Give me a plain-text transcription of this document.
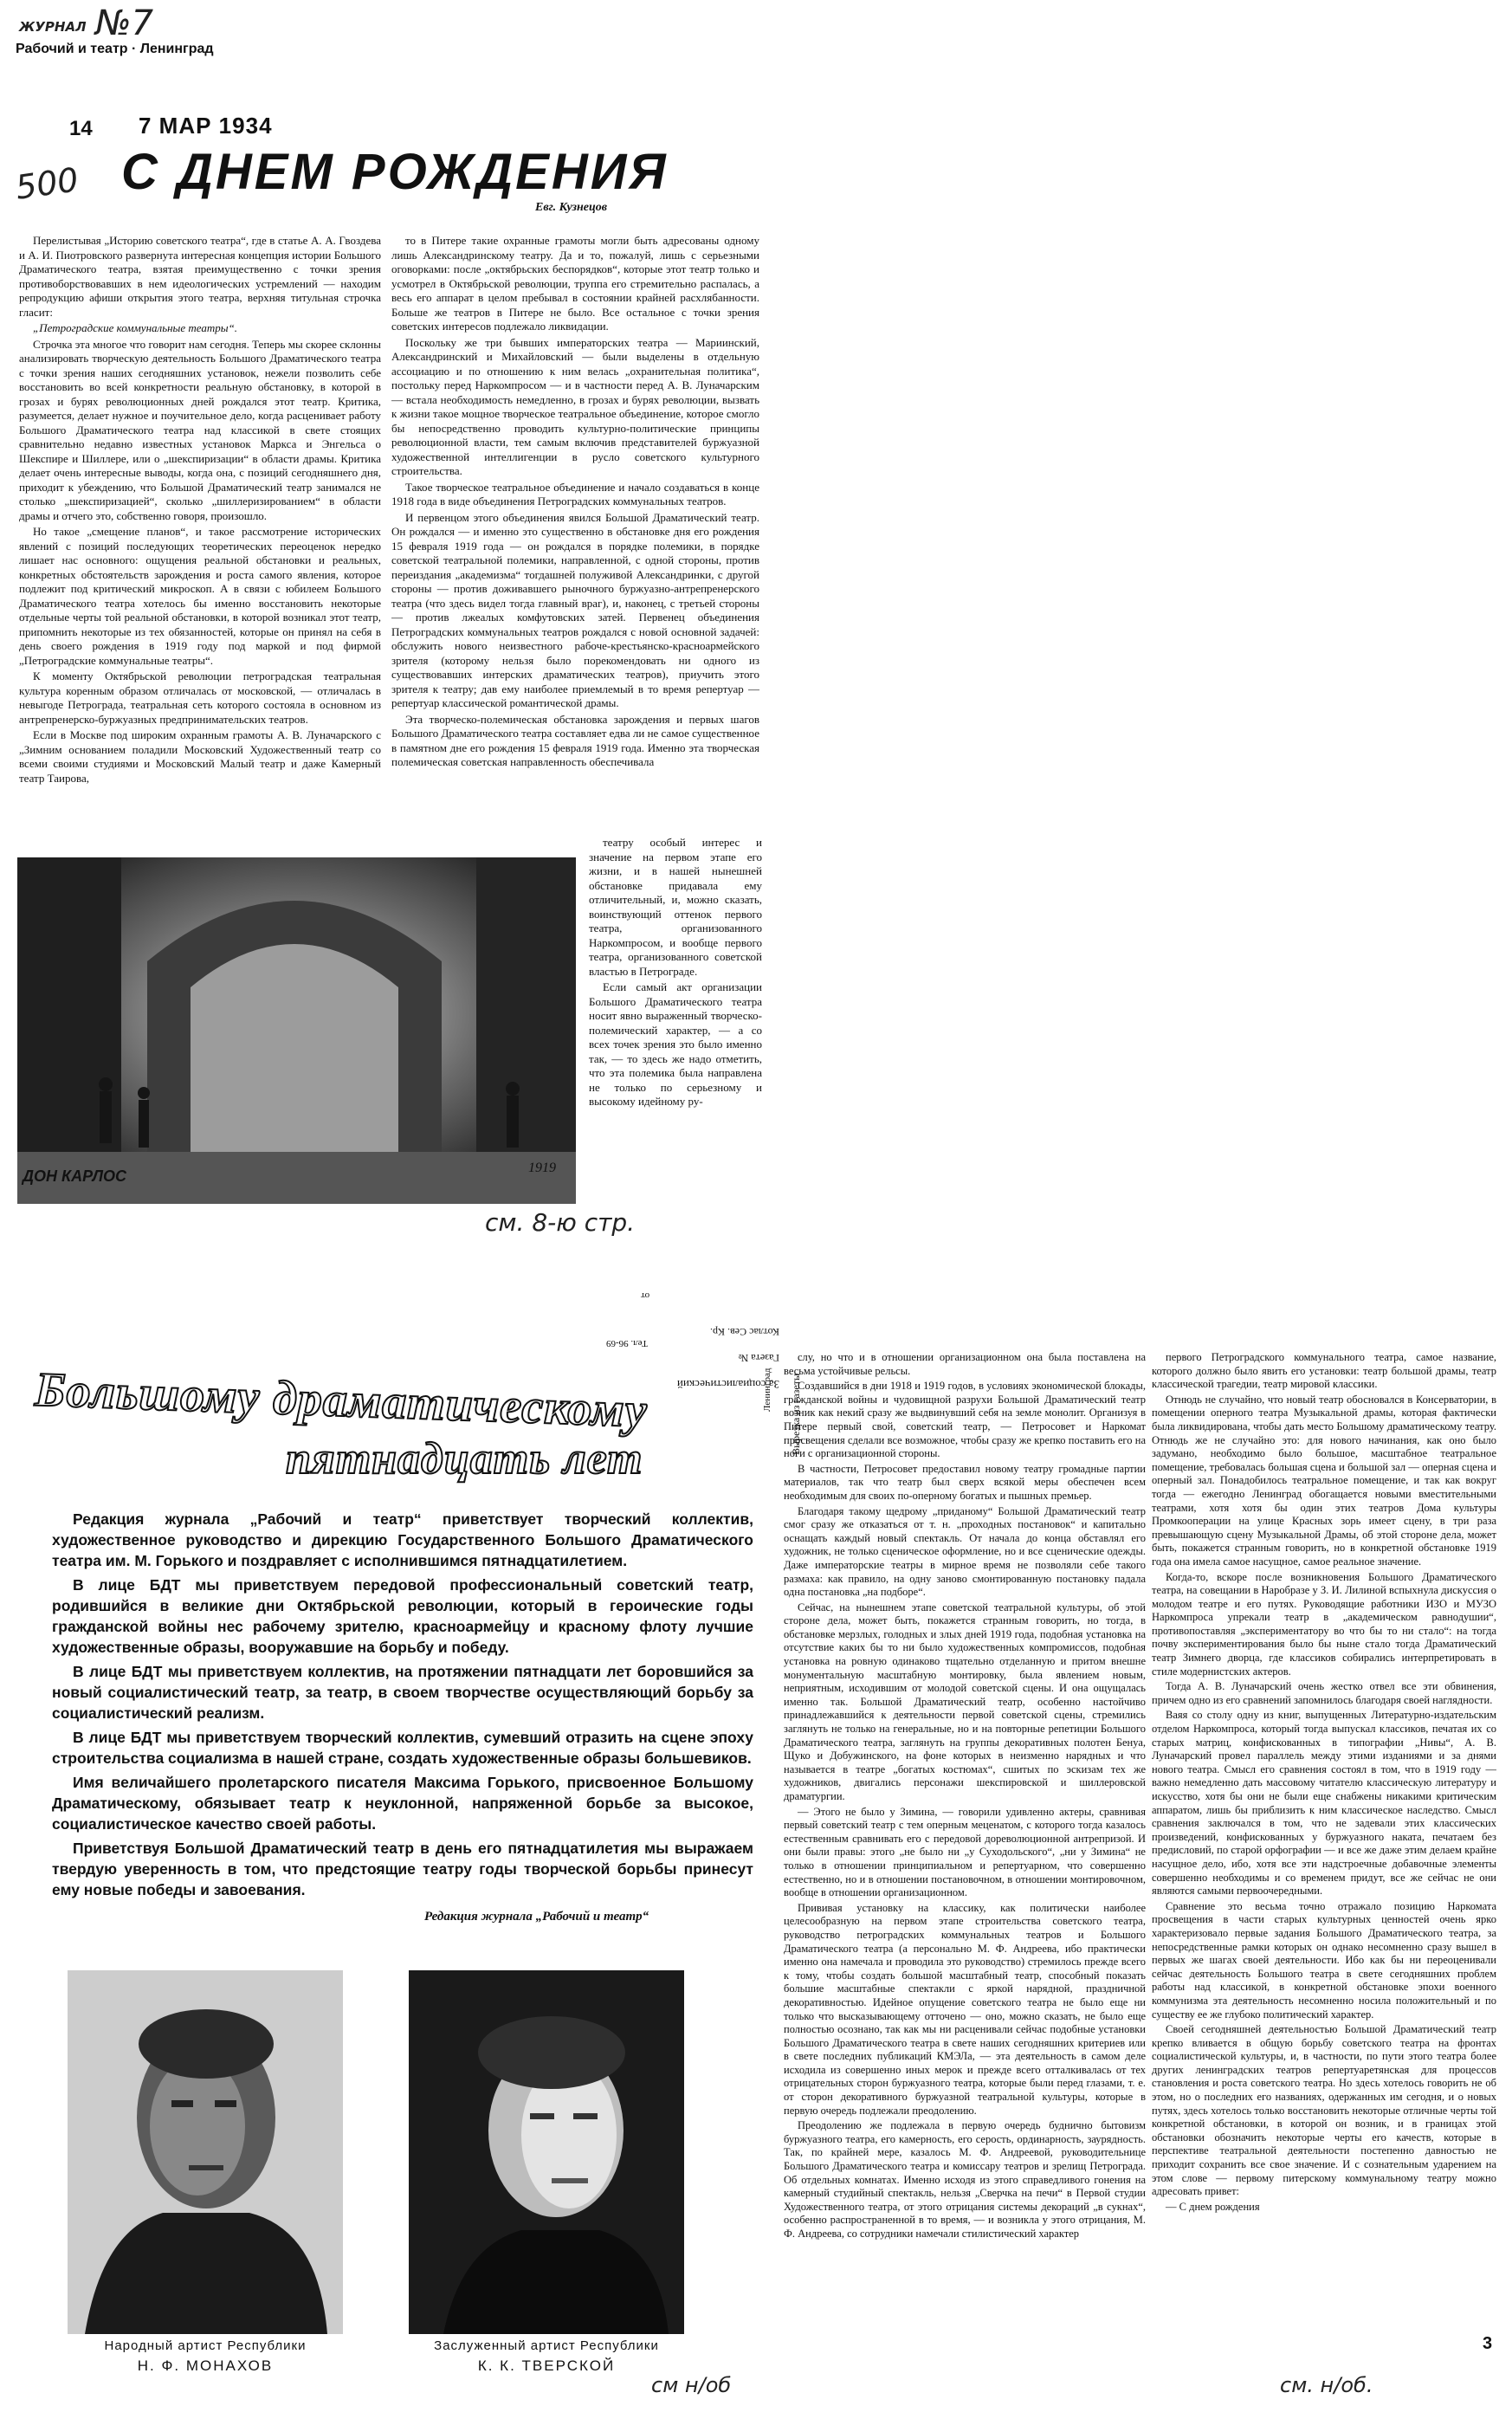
ЖУРНАЛ №7
Рабочий и театр · Ленинград
14 7 МАР 1934
500 С ДНЕМ РОЖДЕНИЯ
Евг. Кузнецов

Перелистывая „Историю советского театра“, где в статье А. А. Гвоздева и А. И. Пиотровского развернута интересная концепция истории Большого Драматического театра, взятая преимущественно с точки зрения противоборствовавших в нем идеологических устремлений — находим репродукцию афиши открытия этого театра, верхняя титульная строчка гласит:

„Петроградские коммунальные театры“.

Строчка эта многое что говорит нам сегодня. Теперь мы скорее склонны анализировать творческую деятельность Большого Драматического театра с точки зрения наших сегодняшних установок, нежели позволить себе восстановить во всей конкретности реальную обстановку, в которой в грозах и бурях революционных дней рождался этот театр. Критика, разумеется, делает нужное и поучительное дело, когда расценивает работу Большого Драматического театра над классикой в свете стоящих сравнительно недавно известных установок Маркса и Энгельса о Шекспире и Шиллере, или о „шекспиризации“ в области драмы. Критика делает очень интересные выводы, когда она, с позиций сегодняшнего дня, приходит к убеждению, что Большой Драматический театр занимался не столько „шекспиризацией“, сколько „шиллеризированием“ в области драмы и отчего это, собственно говоря, произошло.

Но такое „смещение планов“, и такое рассмотрение исторических явлений с позиций последующих теоретических переоценок нередко лишает нас основного: ощущения реальной обстановки и реальных, конкретных обстоятельств зарождения и роста самого явления, которое подлежит под критический микроскоп. А в связи с юбилеем Большого Драматического театра хотелось бы именно восстановить некоторые отдельные черты той реальной обстановки, в которой возникал этот театр, припомнить некоторые из тех обязанностей, которые он принял на себя в день своего рождения в 1919 году под маркой и под фирмой „Петроградские коммунальные театры“.

К моменту Октябрьской революции петроградская театральная культура коренным образом отличалась от московской, — отличалась в невыгоде Петрограда, театральная сеть которого состояла в основном из антрепренерско-буржуазных предпринимательских театров.

Если в Москве под широким охранным грамоты А. В. Луначарского с „Зимним основанием поладили Московский Художественный театр со всеми своими студиями и Московский Малый театр и даже Камерный театр Таирова,

то в Питере такие охранные грамоты могли быть адресованы одному лишь Александринскому театру. Да и то, пожалуй, лишь с серьезными оговорками: после „октябрьских беспорядков“, которые этот театр только и усмотрел в Октябрьской революции, труппа его стремительно распалась, а весь его аппарат в целом пребывал в состоянии крайней расхлябанности. Больше же театров в Питере не было. Все остальное с точки зрения советских интересов подлежало ликвидации.

Поскольку же три бывших императорских театра — Мариинский, Александринский и Михайловский — были выделены в отдельную ассоциацию и по отношению к ним велась „охранительная политика“, постольку перед Наркомпросом — и в частности перед А. В. Луначарским — встала необходимость немедленно, в грозах и бурях революции, вызвать к жизни такое мощное творческое театральное объединение, которое смогло бы непосредственно проводить культурно-политические принципы революционной власти, тем самым включив представителей буржуазной художественной интеллигенции в русло советского культурного строительства.

Такое творческое театральное объединение и начало создаваться в конце 1918 года в виде объединения Петроградских коммунальных театров.

И первенцом этого объединения явился Большой Драматический театр. Он рождался — и именно это существенно в обстановке дня его рождения 15 февраля 1919 года — он рождался в порядке полемики, в порядке советской театральной полемики, направленной, с одной стороны, против переиздания „академизма“ тогдашней полуживой Александринки, с другой стороны — против доживавшего рыночного буржуазно-антрепренерского театра (что здесь видел тогда главный враг), и, наконец, с третьей стороны — против лжеалых комфутовских затей. Первенец объединения Петроградских коммунальных театров рождался с новой основной задачей: обслужить нового неизвестного рабоче-крестьянско-красноармейского зрителя (которому нельзя было порекомендовать ни одного из существовавших интерских драматических театров), приучить этого зрителя к театру; дав ему наиболее приемлемый в то время репертуар — репертуар классической романтической драмы.

Эта творческо-полемическая обстановка зарождения и первых шагов Большого Драматического театра составляет едва ли не самое существенное в памятном дне его рождения 15 февраля 1919 года. Именно эта творческая полемическая советская направленность обеспечивала

ДОН КАРЛОС	1919

театру особый интерес и значение на первом этапе его жизни, и в нашей нынешней обстановке придавала ему отличительный, и, можно сказать, воинствующий оттенок первого театра, организованного Наркомпросом, и вообще первого театра, организованного советской властью в Петрограде.

Если самый акт организации Большого Драматического театра носит явно выраженный творческо-полемический характер, — а со всех точек зрения это было именно так, — то здесь же надо отметить, что эта полемика была направлена не только по серьезному и высокому идейному ру-

см. 8-ю стр.
За социалистический
Газета №
Котлас Сев. Кр.
от
Вырезка из газеты
Ленинград
Тел. 96-69
Большому драматическому
пятнадцать лет

Редакция журнала „Рабочий и театр“ приветствует творческий коллектив, художественное руководство и дирекцию Государственного Большого Драматического театра им. М. Горького и поздравляет с исполнившимся пятнадцатилетием.

В лице БДТ мы приветствуем передовой профессиональный советский театр, родившийся в великие дни Октябрьской революции, который в героические годы гражданской войны нес рабочему зрителю, красноармейцу и красному флоту лучшие художественные образы, вооружавшие на борьбу и победу.

В лице БДТ мы приветствуем коллектив, на протяжении пятнадцати лет боровшийся за новый социалистический театр, за театр, в своем творчестве осуществляющий борьбу за социалистический реализм.

В лице БДТ мы приветствуем творческий коллектив, сумевший отразить на сцене эпоху строительства социализма в нашей стране, создать художественные образы большевиков.

Имя величайшего пролетарского писателя Максима Горького, присвоенное Большому Драматическому, обязывает театр к неуклонной, напряженной борьбе за высокое, социалистическое качество своей работы.

Приветствуя Большой Драматический театр в день его пятнадцатилетия мы выражаем твердую уверенность в том, что предстоящие театру годы творческой борьбы принесут ему новые победы и завоевания.

Редакция журнала „Рабочий и театр“
Народный артист Республики
Н. Ф. МОНАХОВ
Заслуженный артист Республики
К. К. ТВЕРСКОЙ

слу, но что и в отношении организационном она была поставлена на весьма устойчивые рельсы.

Создавшийся в дни 1918 и 1919 годов, в условиях экономической блокады, гражданской войны и чудовищной разрухи Большой Драматический театр возник как некий сразу же выдвинувший себя на земле монолит. Организуя в Питере первый свой, советский театр, — Петросовет и Наркомат просвещения сделали все возможное, чтобы сразу же крепко поставить его на ноги с организационной стороны.

В частности, Петросовет предоставил новому театру громадные партии материалов, так что театр был сверх всякой меры обеспечен всем необходимым для своих по-оперному богатых и пышных премьер.

Благодаря такому щедрому „приданому“ Большой Драматический театр смог сразу же отказаться от т. н. „проходных постановок“ и капитально оснащать каждый новый спектакль. От начала до конца обставлял его художник, не только сценическое оформление, но и все сценические одежды. Даже императорские театры в мирное время не позволяли себе такого размаха: как правило, на одну заново смонтированную постановку падала одна постановка „на подборе“.

Сейчас, на нынешнем этапе советской театральной культуры, об этой стороне дела, может быть, покажется странным говорить, но тогда, в обстановке мерзлых, голодных и злых дней 1919 года, подобная установка на отсутствие каких бы то ни было художественных компромиссов, подобная установка на ровную одинаково тщательно отделанную и притом внешне монументальную масштабную монтировку, была явлением новым, неприятным, исходившим от молодой советской сцены. И она ощущалась именно так. Большой Драматический театр, особенно настойчиво принадлежавшийся к деятельности первой советской сцены, стремились заглянуть не только на генеральные, но и на повторные репетиции Большого Драматического театра, заглянуть на группы декоративных полотен Бенуа, Щуко и Добужинского, на фоне которых в неизменно нарядных и что называется в театре „богатых костюмах“, сшитых по эскизам тех же художников, двигались персонажи шекспировской и шиллеровской драматургии.

— Этого не было у Зимина, — говорили удивленно актеры, сравнивая первый советский театр с тем оперным меценатом, с которого тогда казалось естественным сравнивать его с передовой дореволюционной антрепризой. И они были правы: этого „не было ни „у Суходольского“, „ни у Зимина“ не только в отношении принципиальном и репертуарном, что совершенно естественно, но и в отношении постановочном, в отношении монтировочном, вообще в отношении организационном.

Прививая установку на классику, как политически наиболее целесообразную на первом этапе строительства советского театра, руководство петроградских коммунальных театров и Большого Драматического театра (а персонально М. Ф. Андреева, ибо практически именно она намечала и проводила это руководство) стремилось прежде всего к тому, чтобы создать большой масштабный театр, способный показать большие масштабные спектакли с яркой нарядной, праздничной декоративностью. Идейное опущение советского театра не было еще ни только что высказывающему отточено — оно, можно сказать, не было еще полностью осознано, так как мы ни расценивали сейчас подобные установки Большого Драматического театра в свете наших сегодняшних критериев или в свете последних публикаций КМЭЛа, — эта деятельность в самом деле исходила из совершенно иных мерок и прежде всего отталкивалась от тех отрицательных сторон буржуазного театра, которые были перед глазами, т. е. от сторон декоративного буржуазной театральной культуры, которые в первую очередь подлежали преодолению.

Преодолению же подлежала в первую очередь буднично бытовизм буржуазного театра, его камерность, его серость, ординарность, заурядность. Так, по крайней мере, казалось М. Ф. Андреевой, руководительнице Большого Драматического театра и комиссару театров и зрелищ Петрограда. Об отдельных комнатах. Именно исходя из этого справедливого гонения на камерный студийный спектакль, нельзя „Сверчка на печи“ в Первой студии Художественного театра, от этого отрицания системы декораций „в сукнах“, особенно распространенной в то время, — и возникла у этого отрицания, М. Ф. Андреева, со сотрудники намечали стилистический характер

первого Петроградского коммунального театра, самое название, которого должно было явить его установки: театр большой драмы, театр классической трагедии, театр мировой классики.

Отнюдь не случайно, что новый театр обосновался в Консерватории, в помещении оперного театра Музыкальной драмы, которая фактически была ликвидирована, чтобы дать место Большому драматическому театру. Отнюдь же не случайно это: для нового начинания, как оно было задумано, необходимо было большое, масштабное театральное помещение, требовалась большая сцена и большой зал — оперная сцена и оперный зал. Понадобилось театральное помещение, и так как вокруг тогда — ежегодно Ленинград обогащается новыми вместительными театрами, хотя хотя бы один этих театров Дома культуры Промкооперации на улице Красных зорь имеет сцену, в три раза превышающую сцену Музыкальной Драмы, об этой стороне дела, может быть, покажется странным говорить, но в конкретной обстановке 1919 года она имела самое насущное, самое реальное значение.

Когда-то, вскоре после возникновения Большого Драматического театра, на совещании в Наробразе у З. И. Лилиной вспыхнула дискуссия о молодом театре и его путях. Руководящие работники ИЗО и МУЗО Наркомпроса упрекали театр в „академическом равнодушии“, противопоставляя „экспериментатору во что бы то ни стало“: на тогда почву экспериментирования было бы ныне стало тогда Драматический театр Зимнего дворца, где классиков собирались интерпретировать в стиле модернистских актеров.

Тогда А. В. Луначарский очень жестко отвел все эти обвинения, причем одно из его сравнений запомнилось благодаря своей наглядности.

Ваяя со столу одну из книг, выпущенных Литературно-издательским отделом Наркомпроса, который тогда выпускал классиков, печатая их со старых матриц, конфискованных в типографии „Нивы“, А. В. Луначарский провел параллель между этими изданиями и за днями нового театра. Смысл его сравнения состоял в том, что в 1919 году — важно немедленно дать массовому читателю классическую литературу и искусство, хотя бы они не были еще снабжены никакими критическим аппаратом, лишь бы приблизить к ним классическое наследство. Смысл сравнения заключался в том, что не задевали этих классических произведений, конфискованных у буржуазного наката, печатаем без предисловий, по старой орфографии — и все же даже этим делаем крайне насущное дело, ибо, хотя все эти надстроечные добавочные элементы совершенно необходимы и со временем придут, все же сейчас не они являются самыми первоочередными.

Сравнение это весьма точно отражало позицию Наркомата просвещения в части старых культурных ценностей очень ярко характеризовало первые задания Большого Драматического театра, за непосредственные рамки которых он однако несомненно сразу вышел в первых же шагах своей деятельности. Ибо как бы ни переоценивали сейчас деятельность Большого театра в свете сегодняшних проблем работы над классикой, в конкретной обстановке эпохи военного коммунизма эта деятельность несомненно носила положительный и по существу ее же глубоко политический характер.

Своей сегодняшней деятельностью Большой Драматический театр крепко вливается в общую борьбу советского театра на фронтах социалистической культуры, и, в частности, по пути этого театра более других ленинградских театров репертуаретянская для процессов становления и роста советского театра. Но здесь хотелось говорить не об этом, но о последних его названиях, одержанных им сегодня, и о новых путях, здесь хотелось только восстановить некоторые отличные черты той конкретной обстановки, в которой он возник, и в границах этой обстановки обозначить некоторые черты его качеств, которые в перспективе театральной деятельности постепенно давностью не приходит сохранить все свое значение. И с сознательным ударением на этом слове — первому питерскому коммунальному театру можно адресовать привет:

— С днем рождения

см н/об	см. н/об.
3
